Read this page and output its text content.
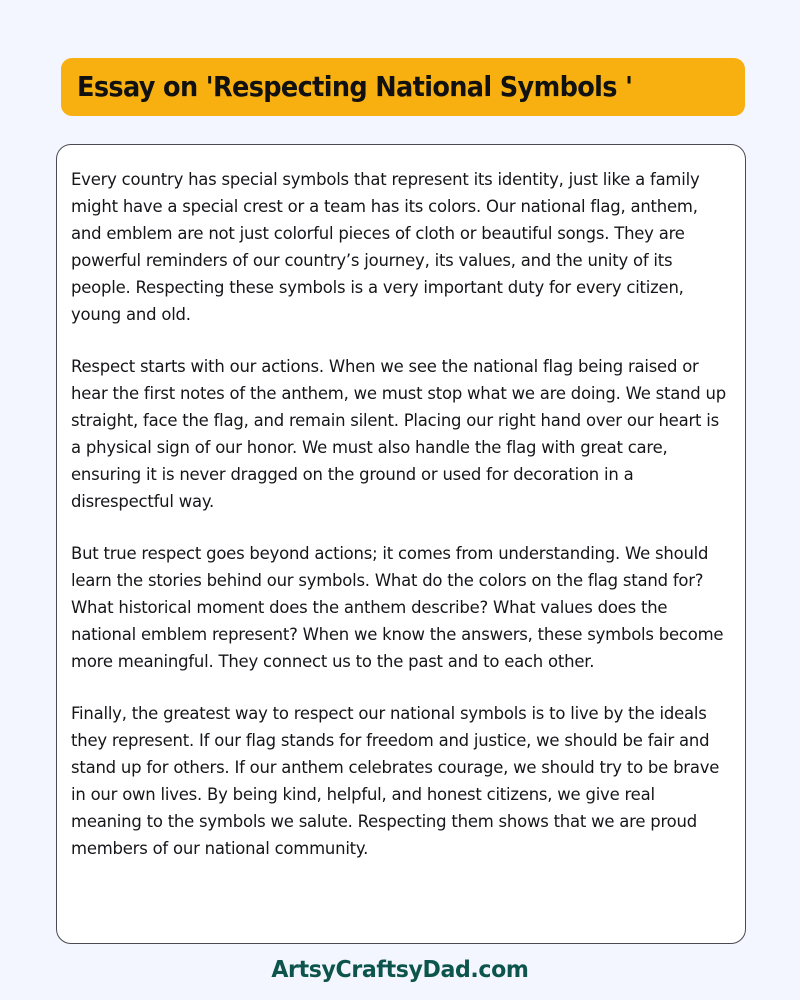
Essay on 'Respecting National Symbols '

Every country has special symbols that represent its identity, just like a family might have a special crest or a team has its colors. Our national flag, anthem, and emblem are not just colorful pieces of cloth or beautiful songs. They are powerful reminders of our country’s journey, its values, and the unity of its people. Respecting these symbols is a very important duty for every citizen, young and old.

Respect starts with our actions. When we see the national flag being raised or hear the first notes of the anthem, we must stop what we are doing. We stand up straight, face the flag, and remain silent. Placing our right hand over our heart is a physical sign of our honor. We must also handle the flag with great care, ensuring it is never dragged on the ground or used for decoration in a disrespectful way.

But true respect goes beyond actions; it comes from understanding. We should learn the stories behind our symbols. What do the colors on the flag stand for? What historical moment does the anthem describe? What values does the national emblem represent? When we know the answers, these symbols become more meaningful. They connect us to the past and to each other.

Finally, the greatest way to respect our national symbols is to live by the ideals they represent. If our flag stands for freedom and justice, we should be fair and stand up for others. If our anthem celebrates courage, we should try to be brave in our own lives. By being kind, helpful, and honest citizens, we give real meaning to the symbols we salute. Respecting them shows that we are proud members of our national community.

ArtsyCraftsyDad.com
